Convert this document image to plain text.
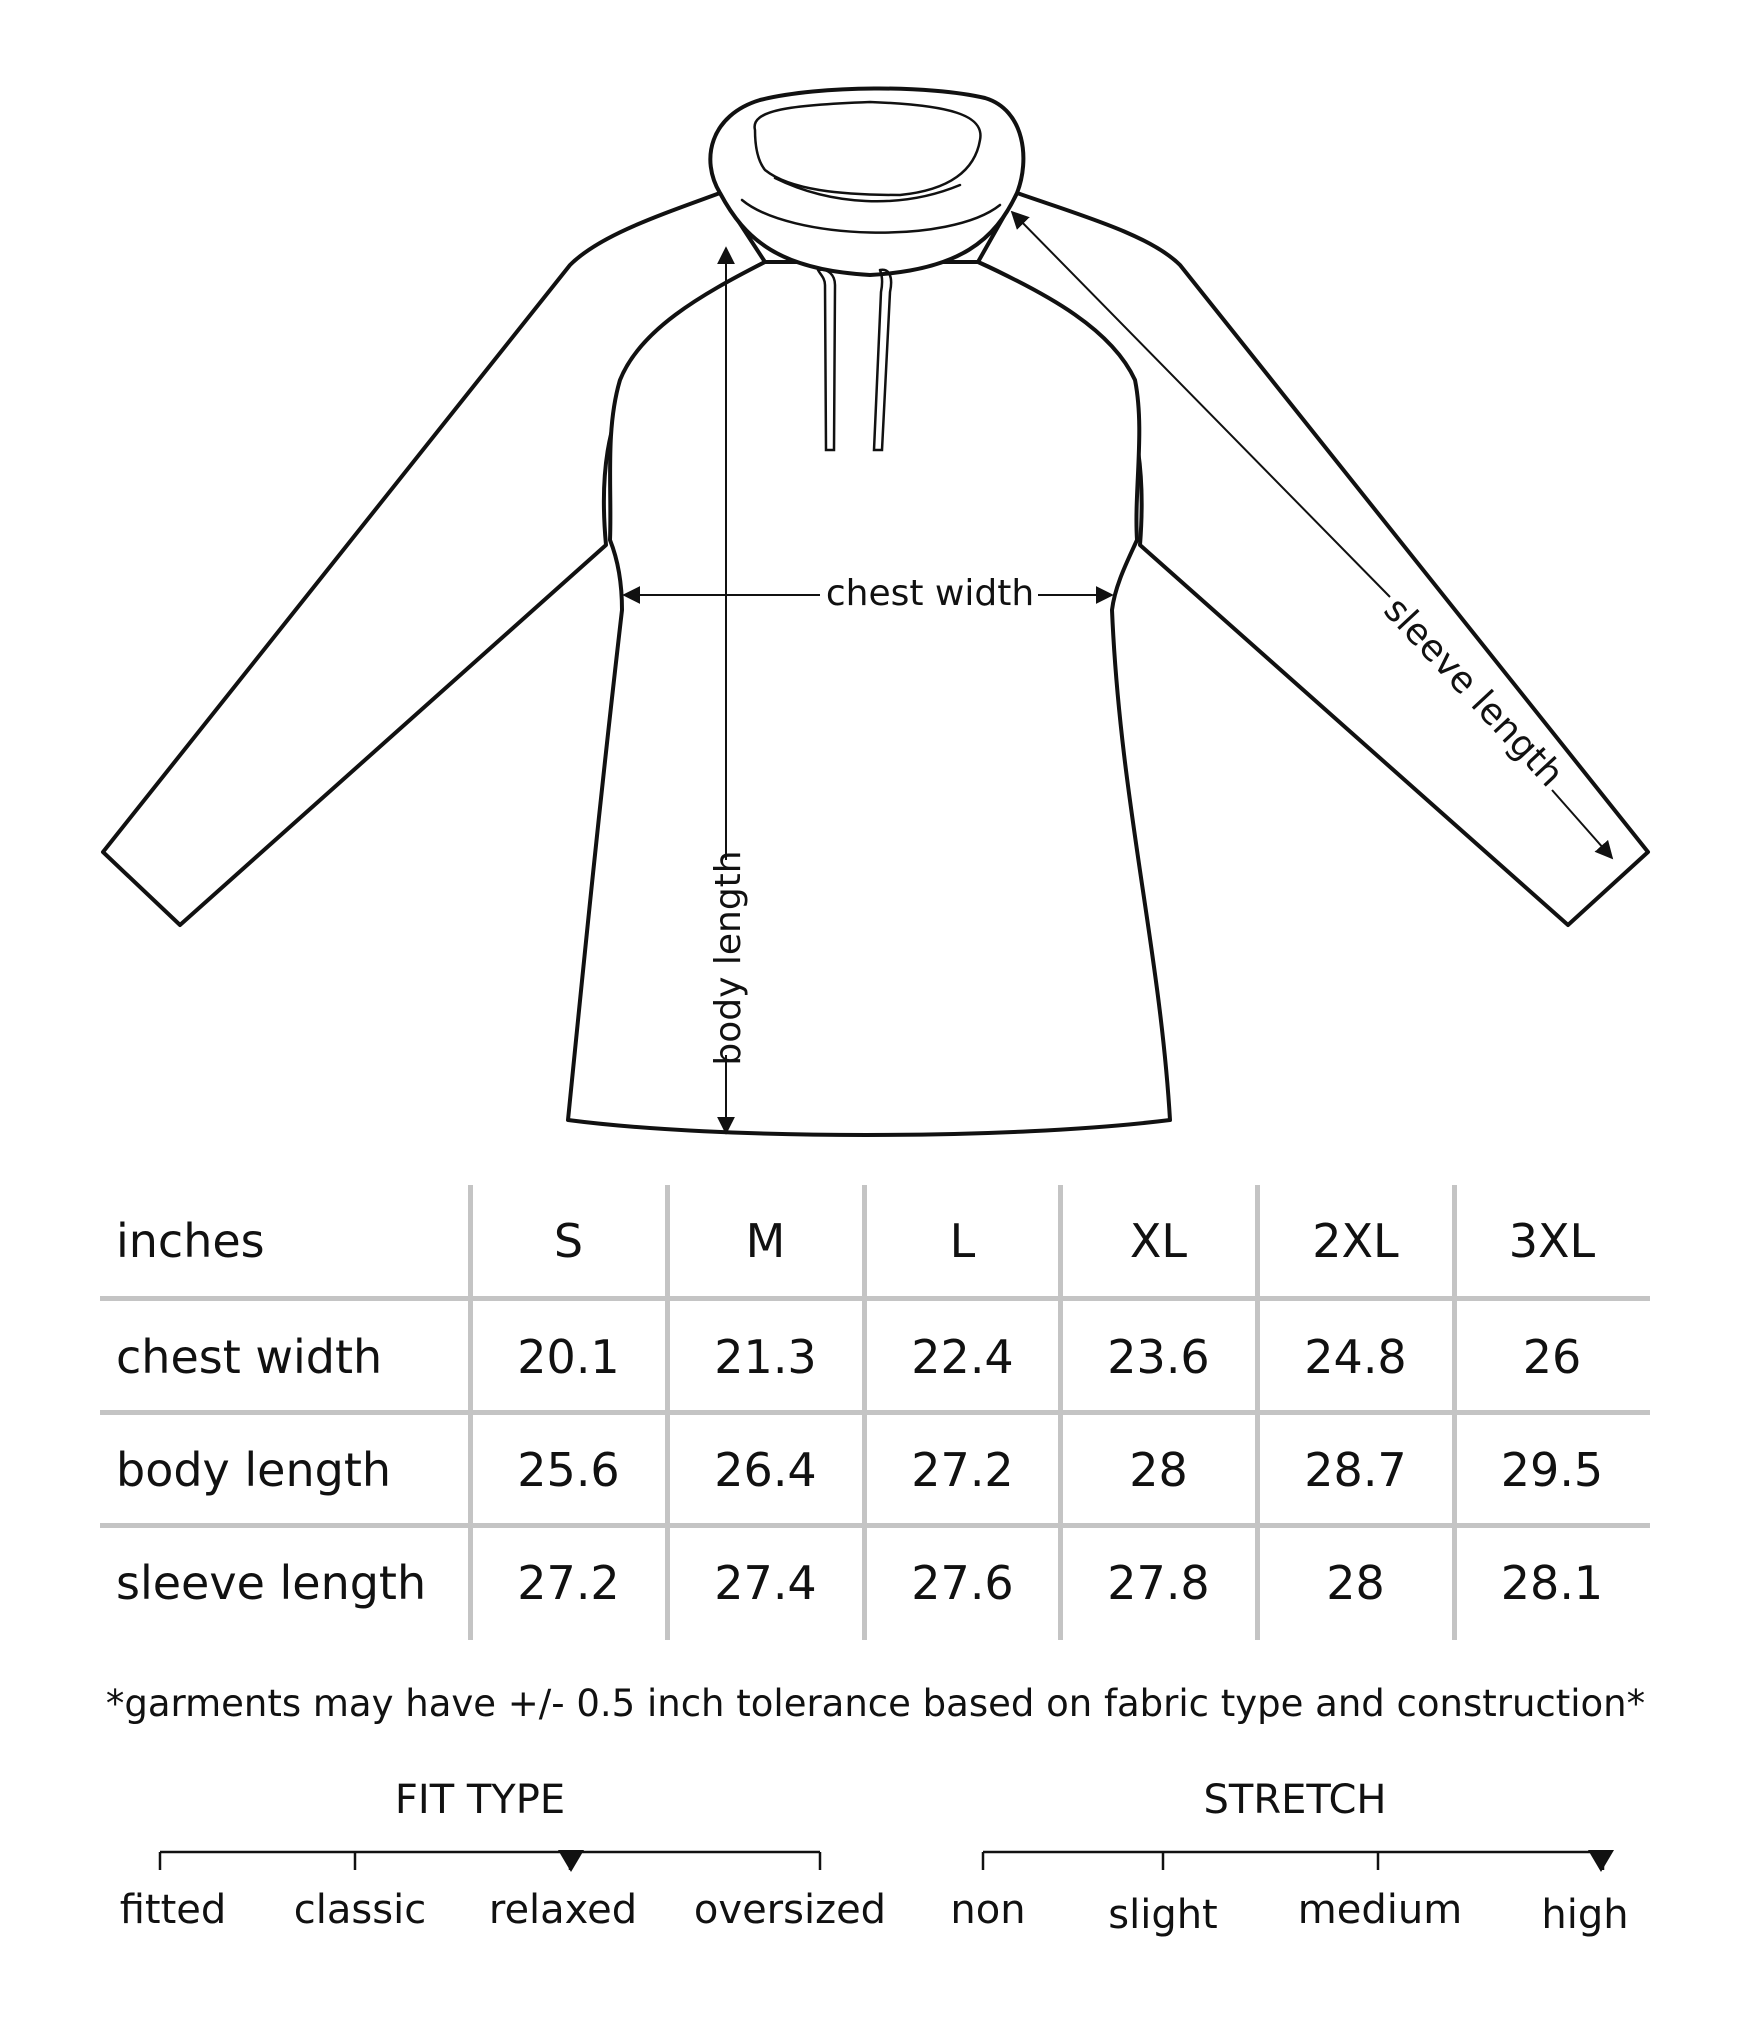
chest width
body length
sleeve length
inches	S	M	L	XL	2XL	3XL
chest width	20.1	21.3	22.4	23.6	24.8	26
body length	25.6	26.4	27.2	28	28.7	29.5
sleeve length	27.2	27.4	27.6	27.8	28	28.1
*garments may have +/- 0.5 inch tolerance based on fabric type and construction*
FIT TYPE	STRETCH
fitted classic relaxed oversized non slight medium high
